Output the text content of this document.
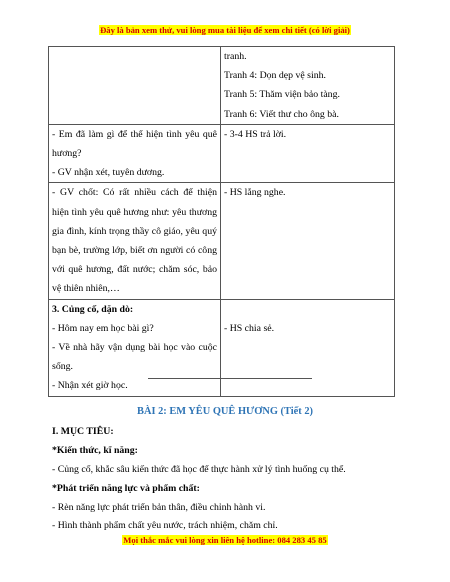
Đây là bản xem thử, vui lòng mua tài liệu để xem chi tiết (có lời giải)

	tranh.
Tranh 4: Dọn dẹp vệ sinh.
Tranh 5: Thăm viện bảo tàng.
Tranh 6: Viết thư cho ông bà.

- Em đã làm gì để thể hiện tình yêu quê hương?
- GV nhận xét, tuyên dương.	- 3-4 HS trả lời.

- GV chốt: Có rất nhiều cách để thiện hiện tình yêu quê hương như: yêu thương gia đình, kính trọng thầy cô giáo, yêu quý bạn bè, trường lớp, biết ơn người có công với quê hương, đất nước; chăm sóc, bảo vệ thiên nhiên,…	- HS lắng nghe.

3. Củng cố, dặn dò:
- Hôm nay em học bài gì?
- Về nhà hãy vận dụng bài học vào cuộc sống.
- Nhận xét giờ học.	- HS chia sẻ.
BÀI 2: EM YÊU QUÊ HƯƠNG (Tiết 2)
I. MỤC TIÊU:
*Kiến thức, kĩ năng:
- Củng cố, khắc sâu kiến thức đã học để thực hành xử lý tình huống cụ thể.
*Phát triển năng lực và phẩm chất:
- Rèn năng lực phát triển bản thân, điều chỉnh hành vi.
- Hình thành phẩm chất yêu nước, trách nhiệm, chăm chỉ.
Mọi thắc mắc vui lòng xin liên hệ hotline: 084 283 45 85
